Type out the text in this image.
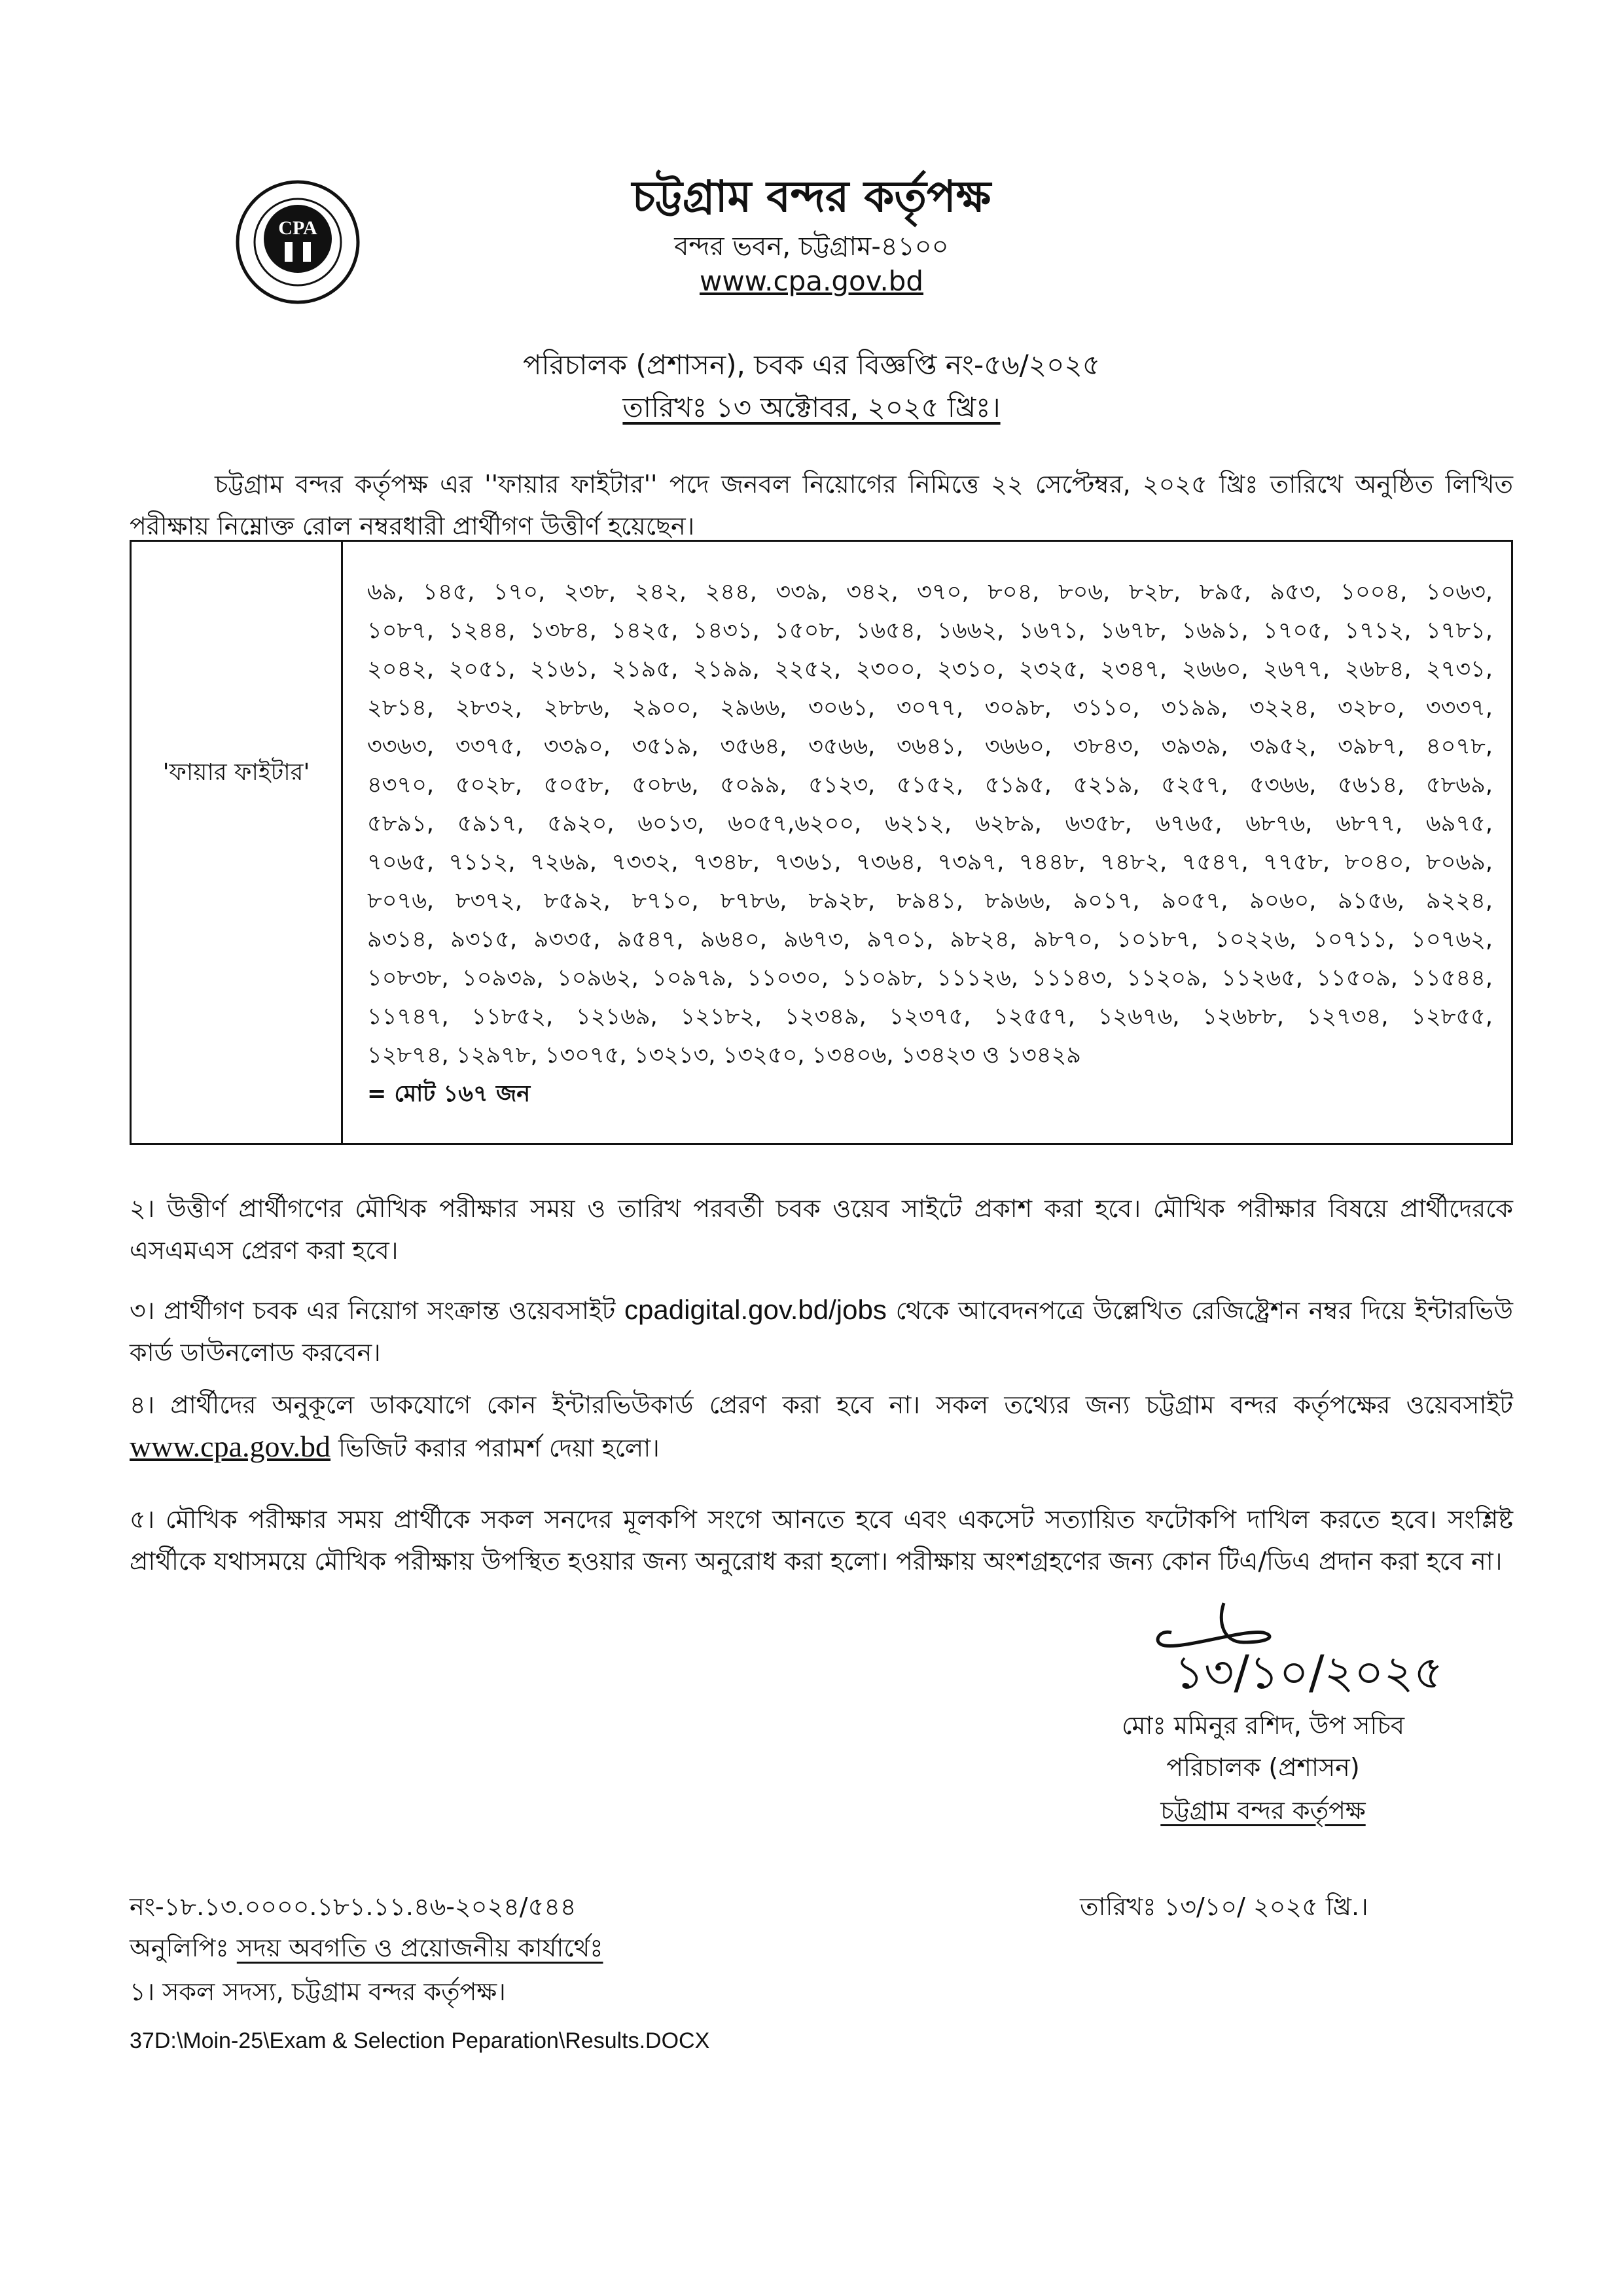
CPA
চট্টগ্রাম বন্দর কর্তৃপক্ষ
বন্দর ভবন, চট্টগ্রাম-৪১০০
www.cpa.gov.bd
পরিচালক (প্রশাসন), চবক এর বিজ্ঞপ্তি নং-৫৬/২০২৫
তারিখঃ ১৩ অক্টোবর, ২০২৫ খ্রিঃ।
চট্টগ্রাম বন্দর কর্তৃপক্ষ এর ''ফায়ার ফাইটার'' পদে জনবল নিয়োগের নিমিত্তে ২২ সেপ্টেম্বর, ২০২৫ খ্রিঃ তারিখে অনুষ্ঠিত লিখিত পরীক্ষায় নিম্নোক্ত রোল নম্বরধারী প্রার্থীগণ উত্তীর্ণ হয়েছেন।
'ফায়ার ফাইটার'
৬৯, ১৪৫, ১৭০, ২৩৮, ২৪২, ২৪৪, ৩৩৯, ৩৪২, ৩৭০, ৮০৪, ৮০৬, ৮২৮, ৮৯৫, ৯৫৩, ১০০৪, ১০৬৩,
১০৮৭, ১২৪৪, ১৩৮৪, ১৪২৫, ১৪৩১, ১৫০৮, ১৬৫৪, ১৬৬২, ১৬৭১, ১৬৭৮, ১৬৯১, ১৭০৫, ১৭১২, ১৭৮১,
২০৪২, ২০৫১, ২১৬১, ২১৯৫, ২১৯৯, ২২৫২, ২৩০০, ২৩১০, ২৩২৫, ২৩৪৭, ২৬৬০, ২৬৭৭, ২৬৮৪, ২৭৩১,
২৮১৪, ২৮৩২, ২৮৮৬, ২৯০০, ২৯৬৬, ৩০৬১, ৩০৭৭, ৩০৯৮, ৩১১০, ৩১৯৯, ৩২২৪, ৩২৮০, ৩৩৩৭,
৩৩৬৩, ৩৩৭৫, ৩৩৯০, ৩৫১৯, ৩৫৬৪, ৩৫৬৬, ৩৬৪১, ৩৬৬০, ৩৮৪৩, ৩৯৩৯, ৩৯৫২, ৩৯৮৭, ৪০৭৮,
৪৩৭০, ৫০২৮, ৫০৫৮, ৫০৮৬, ৫০৯৯, ৫১২৩, ৫১৫২, ৫১৯৫, ৫২১৯, ৫২৫৭, ৫৩৬৬, ৫৬১৪, ৫৮৬৯,
৫৮৯১, ৫৯১৭, ৫৯২০, ৬০১৩, ৬০৫৭,৬২০০, ৬২১২, ৬২৮৯, ৬৩৫৮, ৬৭৬৫, ৬৮৭৬, ৬৮৭৭, ৬৯৭৫,
৭০৬৫, ৭১১২, ৭২৬৯, ৭৩৩২, ৭৩৪৮, ৭৩৬১, ৭৩৬৪, ৭৩৯৭, ৭৪৪৮, ৭৪৮২, ৭৫৪৭, ৭৭৫৮, ৮০৪০, ৮০৬৯,
৮০৭৬, ৮৩৭২, ৮৫৯২, ৮৭১০, ৮৭৮৬, ৮৯২৮, ৮৯৪১, ৮৯৬৬, ৯০১৭, ৯০৫৭, ৯০৬০, ৯১৫৬, ৯২২৪,
৯৩১৪, ৯৩১৫, ৯৩৩৫, ৯৫৪৭, ৯৬৪০, ৯৬৭৩, ৯৭০১, ৯৮২৪, ৯৮৭০, ১০১৮৭, ১০২২৬, ১০৭১১, ১০৭৬২,
১০৮৩৮, ১০৯৩৯, ১০৯৬২, ১০৯৭৯, ১১০৩০, ১১০৯৮, ১১১২৬, ১১১৪৩, ১১২০৯, ১১২৬৫, ১১৫০৯, ১১৫৪৪,
১১৭৪৭, ১১৮৫২, ১২১৬৯, ১২১৮২, ১২৩৪৯, ১২৩৭৫, ১২৫৫৭, ১২৬৭৬, ১২৬৮৮, ১২৭৩৪, ১২৮৫৫,
১২৮৭৪, ১২৯৭৮, ১৩০৭৫, ১৩২১৩, ১৩২৫০, ১৩৪০৬, ১৩৪২৩ ও ১৩৪২৯
= মোট ১৬৭ জন
২। উত্তীর্ণ প্রার্থীগণের মৌখিক পরীক্ষার সময় ও তারিখ পরবর্তী চবক ওয়েব সাইটে প্রকাশ করা হবে। মৌখিক পরীক্ষার বিষয়ে প্রার্থীদেরকে এসএমএস প্রেরণ করা হবে।
৩। প্রার্থীগণ চবক এর নিয়োগ সংক্রান্ত ওয়েবসাইট cpadigital.gov.bd/jobs থেকে আবেদনপত্রে উল্লেখিত রেজিষ্ট্রেশন নম্বর দিয়ে ইন্টারভিউ কার্ড ডাউনলোড করবেন।
৪। প্রার্থীদের অনুকূলে ডাকযোগে কোন ইন্টারভিউকার্ড প্রেরণ করা হবে না। সকল তথ্যের জন্য চট্টগ্রাম বন্দর কর্তৃপক্ষের ওয়েবসাইট www.cpa.gov.bd ভিজিট করার পরামর্শ দেয়া হলো।
৫। মৌখিক পরীক্ষার সময় প্রার্থীকে সকল সনদের মূলকপি সংগে আনতে হবে এবং একসেট সত্যায়িত ফটোকপি দাখিল করতে হবে। সংশ্লিষ্ট প্রার্থীকে যথাসময়ে মৌখিক পরীক্ষায় উপস্থিত হওয়ার জন্য অনুরোধ করা হলো। পরীক্ষায় অংশগ্রহণের জন্য কোন টিএ/ডিএ প্রদান করা হবে না।
১৩/১০/২০২৫
মোঃ মমিনুর রশিদ, উপ সচিব
পরিচালক (প্রশাসন)
চট্টগ্রাম বন্দর কর্তৃপক্ষ
নং-১৮.১৩.০০০০.১৮১.১১.৪৬-২০২৪/৫৪৪	তারিখঃ ১৩/১০/ ২০২৫ খ্রি.।
অনুলিপিঃ সদয় অবগতি ও প্রয়োজনীয় কার্যার্থেঃ
১। সকল সদস্য, চট্টগ্রাম বন্দর কর্তৃপক্ষ।
37D:\Moin-25\Exam & Selection Peparation\Results.DOCX
